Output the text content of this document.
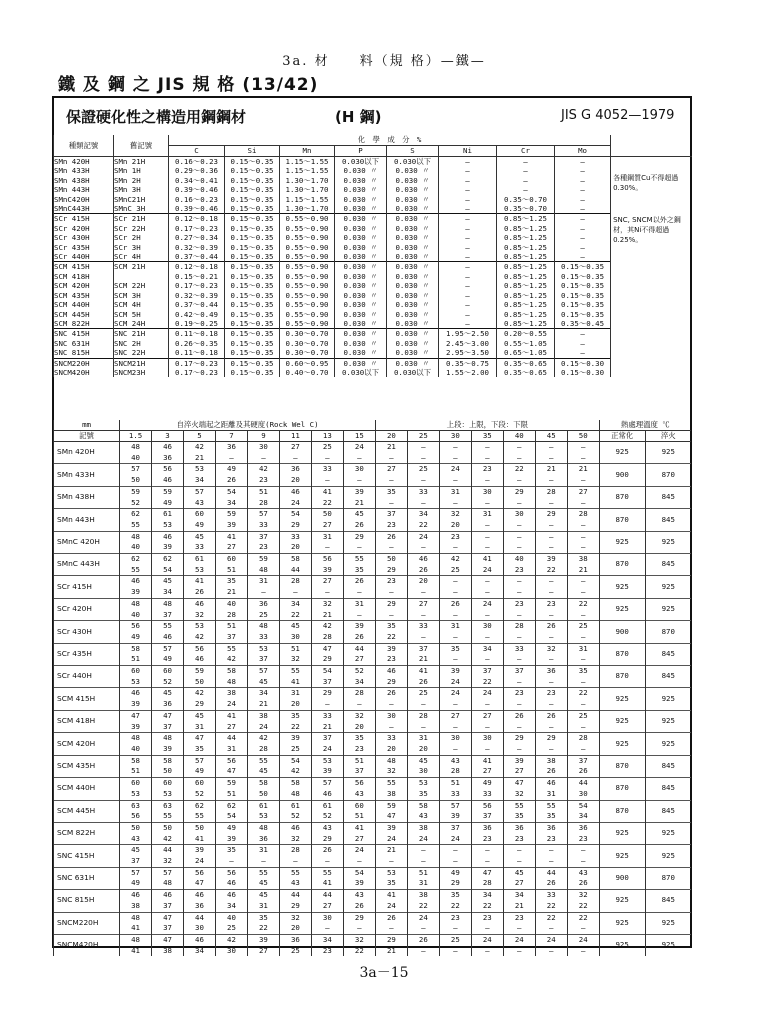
3a. 材　　料（規 格）—鐵—
鐵 及 鋼 之 JIS 規 格 (13/42)
保證硬化性之構造用鋼鋼材	(H 鋼)	JIS G 4052—1979
種類記號	舊記號	化　學　成　分　%								
		C	Si	Mn	P	S	Ni	Cr	Mo	
SMn 420H	SMn 21H	0.16～0.23	0.15～0.35	1.15～1.55	0.030以下	0.030以下	—	—	—	各種鋼質Cu不得超過0.30%。
SNC, SNCM以外之鋼材，其Ni不得超過0.25%。

SMn 433H	SMn 1H	0.29～0.36	0.15～0.35	1.15～1.55	0.030 〃	0.030 〃	—	—	—	
SMn 438H	SMn 2H	0.34～0.41	0.15～0.35	1.30～1.70	0.030 〃	0.030 〃	—	—	—	
SMn 443H	SMn 3H	0.39～0.46	0.15～0.35	1.30～1.70	0.030 〃	0.030 〃	—	—	—	
SMnC420H	SMnC21H	0.16～0.23	0.15～0.35	1.15～1.55	0.030 〃	0.030 〃	—	0.35～0.70	—	
SMnC443H	SMnC 3H	0.39～0.46	0.15～0.35	1.30～1.70	0.030 〃	0.030 〃	—	0.35～0.70	—	
SCr 415H	SCr 21H	0.12～0.18	0.15～0.35	0.55～0.90	0.030 〃	0.030 〃	—	0.85～1.25	—	
SCr 420H	SCr 22H	0.17～0.23	0.15～0.35	0.55～0.90	0.030 〃	0.030 〃	—	0.85～1.25	—	
SCr 430H	SCr 2H	0.27～0.34	0.15～0.35	0.55～0.90	0.030 〃	0.030 〃	—	0.85～1.25	—	
SCr 435H	SCr 3H	0.32～0.39	0.15～0.35	0.55～0.90	0.030 〃	0.030 〃	—	0.85～1.25	—	
SCr 440H	SCr 4H	0.37～0.44	0.15～0.35	0.55～0.90	0.030 〃	0.030 〃	—	0.85～1.25	—	
SCM 415H	SCM 21H	0.12～0.18	0.15～0.35	0.55～0.90	0.030 〃	0.030 〃	—	0.85～1.25	0.15～0.35	
SCM 418H		0.15～0.21	0.15～0.35	0.55～0.90	0.030 〃	0.030 〃	—	0.85～1.25	0.15～0.35	
SCM 420H	SCM 22H	0.17～0.23	0.15～0.35	0.55～0.90	0.030 〃	0.030 〃	—	0.85～1.25	0.15～0.35	
SCM 435H	SCM 3H	0.32～0.39	0.15～0.35	0.55～0.90	0.030 〃	0.030 〃	—	0.85～1.25	0.15～0.35	
SCM 440H	SCM 4H	0.37～0.44	0.15～0.35	0.55～0.90	0.030 〃	0.030 〃	—	0.85～1.25	0.15～0.35	
SCM 445H	SCM 5H	0.42～0.49	0.15～0.35	0.55～0.90	0.030 〃	0.030 〃	—	0.85～1.25	0.15～0.35	
SCM 822H	SCM 24H	0.19～0.25	0.15～0.35	0.55～0.90	0.030 〃	0.030 〃	—	0.85～1.25	0.35～0.45	
SNC 415H	SNC 21H	0.11～0.18	0.15～0.35	0.30～0.70	0.030 〃	0.030 〃	1.95～2.50	0.20～0.55	—	
SNC 631H	SNC 2H	0.26～0.35	0.15～0.35	0.30～0.70	0.030 〃	0.030 〃	2.45～3.00	0.55～1.05	—	
SNC 815H	SNC 22H	0.11～0.18	0.15～0.35	0.30～0.70	0.030 〃	0.030 〃	2.95～3.50	0.65～1.05	—	
SNCM220H	SNCM21H	0.17～0.23	0.15～0.35	0.60～0.95	0.030 〃	0.030 〃	0.35～0.75	0.35～0.65	0.15～0.30	
SNCM420H	SNCM23H	0.17～0.23	0.15～0.35	0.40～0.70	0.030以下	0.030以下	1.55～2.00	0.35～0.65	0.15～0.30	
mm	自淬火端起之距離及其硬度(Rock Wel C)								上段：上限，下段：下限							熱處理溫度 ℃	
記號	1.5	3	5	7	9	11	13	15	20	25	30	35	40	45	50	正常化	淬火
SMn 420H	48	46	42	36	30	27	25	24	21	—	—	—	—	—	—	925	925
	40	36	21	—	—	—	—	—	—	—	—	—	—	—	—		
SMn 433H	57	56	53	49	42	36	33	30	27	25	24	23	22	21	21	900	870
	50	46	34	26	23	20	—	—	—	—	—	—	—	—	—		
SMn 438H	59	59	57	54	51	46	41	39	35	33	31	30	29	28	27	870	845
	52	49	43	34	28	24	22	21	—	—	—	—	—	—	—		
SMn 443H	62	61	60	59	57	54	50	45	37	34	32	31	30	29	28	870	845
	55	53	49	39	33	29	27	26	23	22	20	—	—	—	—		
SMnC 420H	48	46	45	41	37	33	31	29	26	24	23	—	—	—	—	925	925
	40	39	33	27	23	20	—	—	—	—	—	—	—	—	—		
SMnC 443H	62	62	61	60	59	58	56	55	50	46	42	41	40	39	38	870	845
	55	54	53	51	48	44	39	35	29	26	25	24	23	22	21		
SCr 415H	46	45	41	35	31	28	27	26	23	20	—	—	—	—	—	925	925
	39	34	26	21	—	—	—	—	—	—	—	—	—	—	—		
SCr 420H	48	48	46	40	36	34	32	31	29	27	26	24	23	23	22	925	925
	40	37	32	28	25	22	21	—	—	—	—	—	—	—	—		
SCr 430H	56	55	53	51	48	45	42	39	35	33	31	30	28	26	25	900	870
	49	46	42	37	33	30	28	26	22	—	—	—	—	—	—		
SCr 435H	58	57	56	55	53	51	47	44	39	37	35	34	33	32	31	870	845
	51	49	46	42	37	32	29	27	23	21	—	—	—	—	—		
SCr 440H	60	60	59	58	57	55	54	52	46	41	39	37	37	36	35	870	845
	53	52	50	48	45	41	37	34	29	26	24	22	—	—	—		
SCM 415H	46	45	42	38	34	31	29	28	26	25	24	24	23	23	22	925	925
	39	36	29	24	21	20	—	—	—	—	—	—	—	—	—		
SCM 418H	47	47	45	41	38	35	33	32	30	28	27	27	26	26	25	925	925
	39	37	31	27	24	22	21	20	—	—	—	—	—	—	—		
SCM 420H	48	48	47	44	42	39	37	35	33	31	30	30	29	29	28	925	925
	40	39	35	31	28	25	24	23	20	20	—	—	—	—	—		
SCM 435H	58	58	57	56	55	54	53	51	48	45	43	41	39	38	37	870	845
	51	50	49	47	45	42	39	37	32	30	28	27	27	26	26		
SCM 440H	60	60	60	59	58	58	57	56	55	53	51	49	47	46	44	870	845
	53	53	52	51	50	48	46	43	38	35	33	33	32	31	30		
SCM 445H	63	63	62	62	61	61	61	60	59	58	57	56	55	55	54	870	845
	56	55	55	54	53	52	52	51	47	43	39	37	35	35	34		
SCM 822H	50	50	50	49	48	46	43	41	39	38	37	36	36	36	36	925	925
	43	42	41	39	36	32	29	27	24	24	24	23	23	23	23		
SNC 415H	45	44	39	35	31	28	26	24	21	—	—	—	—	—	—	925	925
	37	32	24	—	—	—	—	—	—	—	—	—	—	—	—		
SNC 631H	57	57	56	56	55	55	55	54	53	51	49	47	45	44	43	900	870
	49	48	47	46	45	43	41	39	35	31	29	28	27	26	26		
SNC 815H	46	46	46	46	45	44	44	43	41	38	35	34	34	33	32	925	845
	38	37	36	34	31	29	27	26	24	22	22	22	21	22	22		
SNCM220H	48	47	44	40	35	32	30	29	26	24	23	23	23	22	22	925	925
	41	37	30	25	22	20	—	—	—	—	—	—	—	—	—		
SNCM420H	48	47	46	42	39	36	34	32	29	26	25	24	24	24	24	925	925
	41	38	34	30	27	25	23	22	21	—	—	—	—	—	—		
3a－15
